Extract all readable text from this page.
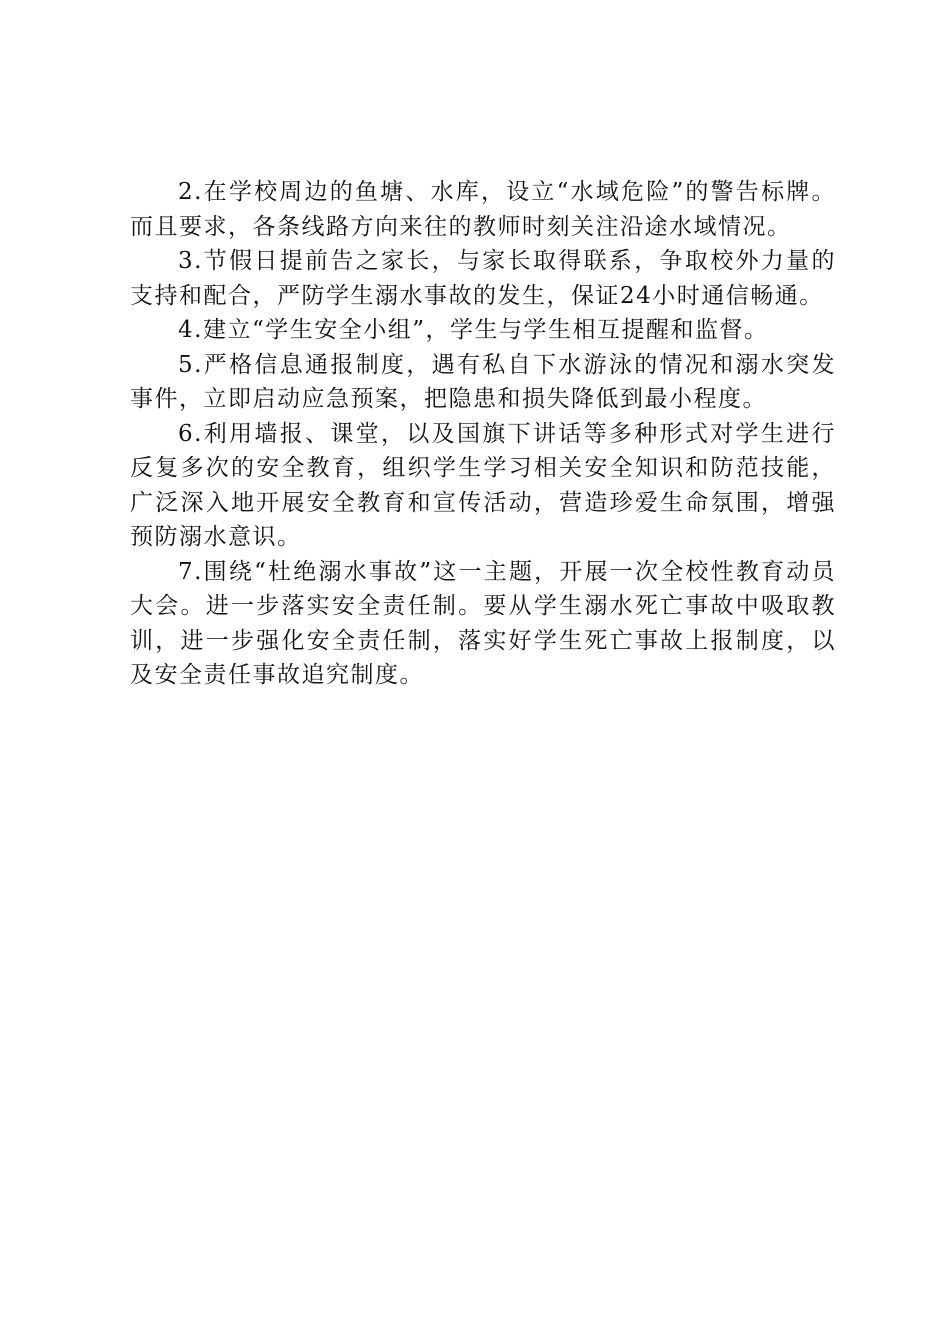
2.在学校周边的鱼塘、水库，设立“水域危险”的警告标牌。而且要求，各条线路方向来往的教师时刻关注沿途水域情况。

3.节假日提前告之家长，与家长取得联系，争取校外力量的支持和配合，严防学生溺水事故的发生，保证24小时通信畅通。

4.建立“学生安全小组”，学生与学生相互提醒和监督。

5.严格信息通报制度，遇有私自下水游泳的情况和溺水突发事件，立即启动应急预案，把隐患和损失降低到最小程度。

6.利用墙报、课堂，以及国旗下讲话等多种形式对学生进行反复多次的安全教育，组织学生学习相关安全知识和防范技能，广泛深入地开展安全教育和宣传活动，营造珍爱生命氛围，增强预防溺水意识。

7.围绕“杜绝溺水事故”这一主题，开展一次全校性教育动员大会。进一步落实安全责任制。要从学生溺水死亡事故中吸取教训，进一步强化安全责任制，落实好学生死亡事故上报制度，以及安全责任事故追究制度。
